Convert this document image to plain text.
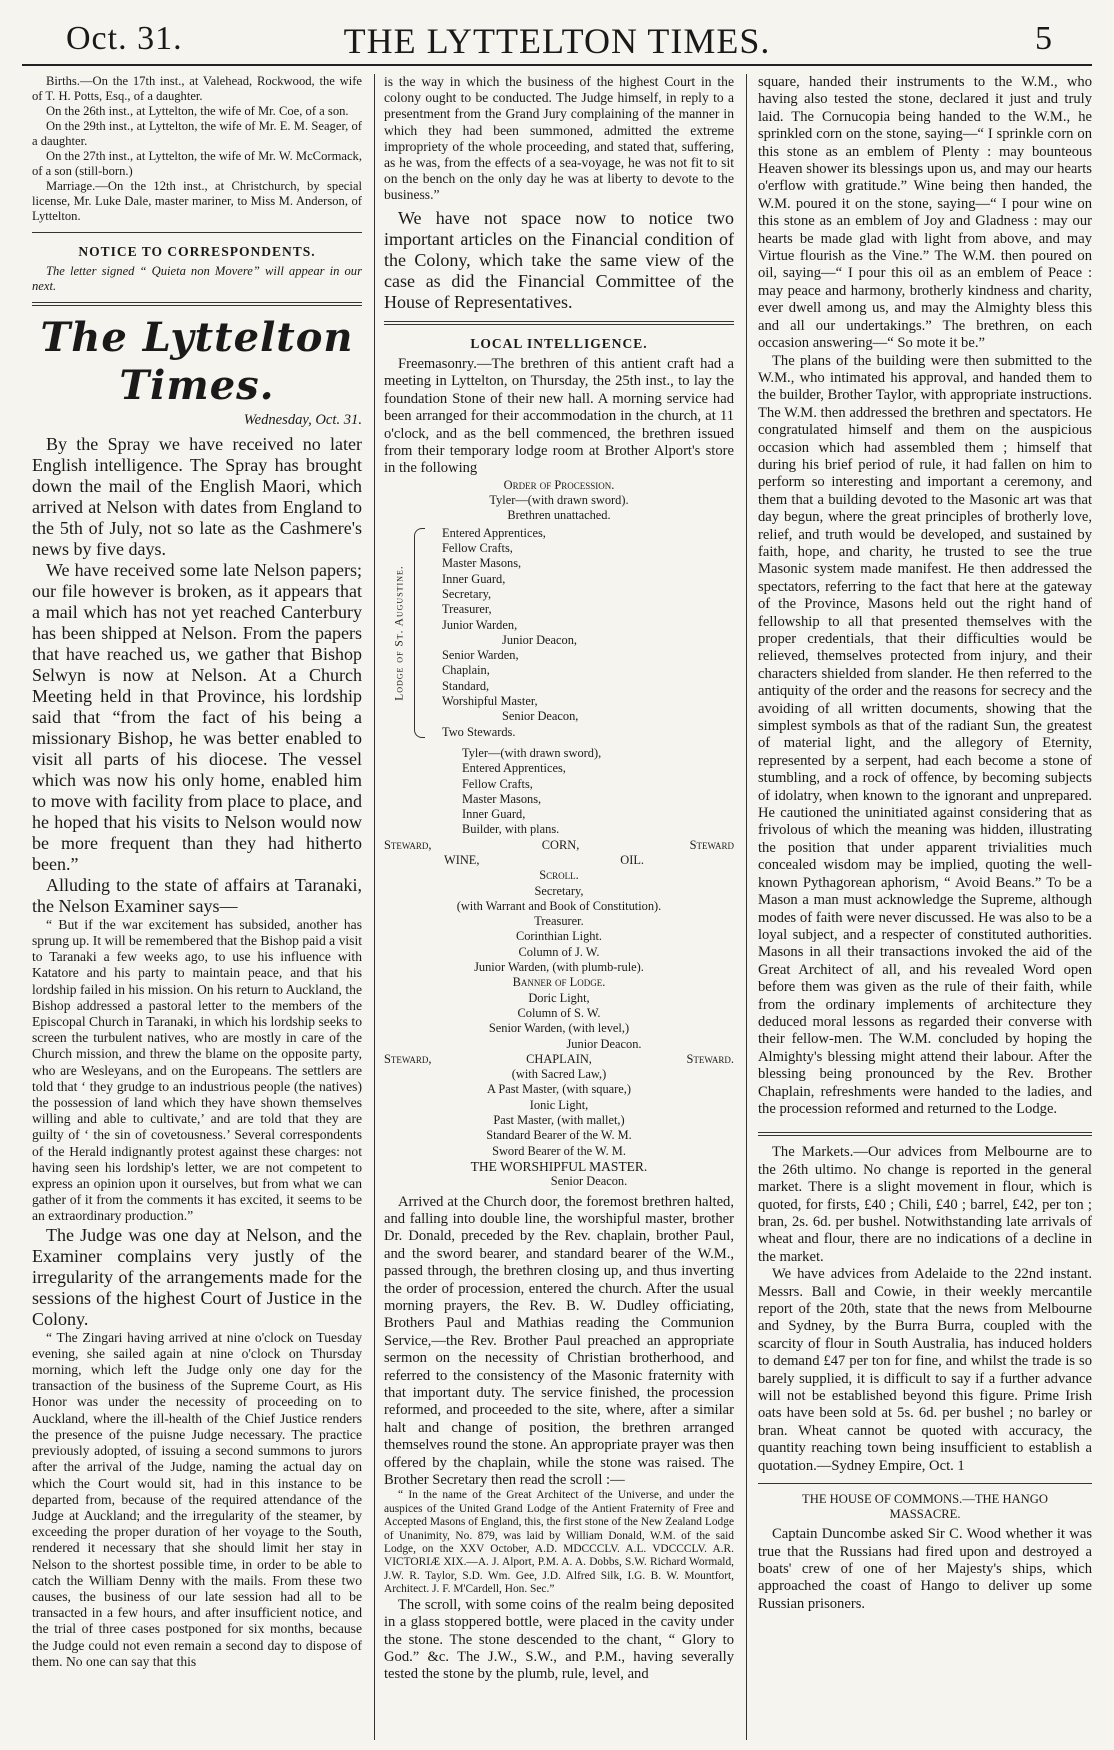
Oct. 31.	THE LYTTELTON TIMES.	5

Births.—On the 17th inst., at Valehead, Rockwood, the wife of T. H. Potts, Esq., of a daughter.

On the 26th inst., at Lyttelton, the wife of Mr. Coe, of a son.

On the 29th inst., at Lyttelton, the wife of Mr. E. M. Seager, of a daughter.

On the 27th inst., at Lyttelton, the wife of Mr. W. McCormack, of a son (still-born.)

Marriage.—On the 12th inst., at Christchurch, by special license, Mr. Luke Dale, master mariner, to Miss M. Anderson, of Lyttelton.

NOTICE TO CORRESPONDENTS.

The letter signed “ Quieta non Movere” will appear in our next.

The Lyttelton Times.

Wednesday, Oct. 31.

By the Spray we have received no later English intelligence. The Spray has brought down the mail of the English Maori, which arrived at Nelson with dates from England to the 5th of July, not so late as the Cashmere's news by five days.

We have received some late Nelson papers; our file however is broken, as it appears that a mail which has not yet reached Canterbury has been shipped at Nelson. From the papers that have reached us, we gather that Bishop Selwyn is now at Nelson. At a Church Meeting held in that Province, his lordship said that “from the fact of his being a missionary Bishop, he was better enabled to visit all parts of his diocese. The vessel which was now his only home, enabled him to move with facility from place to place, and he hoped that his visits to Nelson would now be more frequent than they had hitherto been.”

Alluding to the state of affairs at Taranaki, the Nelson Examiner says—

“ But if the war excitement has subsided, another has sprung up. It will be remembered that the Bishop paid a visit to Taranaki a few weeks ago, to use his influence with Katatore and his party to maintain peace, and that his lordship failed in his mission. On his return to Auckland, the Bishop addressed a pastoral letter to the members of the Episcopal Church in Taranaki, in which his lordship seeks to screen the turbulent natives, who are mostly in care of the Church mission, and threw the blame on the opposite party, who are Wesleyans, and on the Europeans. The settlers are told that ‘ they grudge to an industrious people (the natives) the possession of land which they have shown themselves willing and able to cultivate,’ and are told that they are guilty of ‘ the sin of covetousness.’ Several correspondents of the Herald indignantly protest against these charges: not having seen his lordship's letter, we are not competent to express an opinion upon it ourselves, but from what we can gather of it from the comments it has excited, it seems to be an extraordinary production.”

The Judge was one day at Nelson, and the Examiner complains very justly of the irregularity of the arrangements made for the sessions of the highest Court of Justice in the Colony.

“ The Zingari having arrived at nine o'clock on Tuesday evening, she sailed again at nine o'clock on Thursday morning, which left the Judge only one day for the transaction of the business of the Supreme Court, as His Honor was under the necessity of proceeding on to Auckland, where the ill-health of the Chief Justice renders the presence of the puisne Judge necessary. The practice previously adopted, of issuing a second summons to jurors after the arrival of the Judge, naming the actual day on which the Court would sit, had in this instance to be departed from, because of the required attendance of the Judge at Auckland; and the irregularity of the steamer, by exceeding the proper duration of her voyage to the South, rendered it necessary that she should limit her stay in Nelson to the shortest possible time, in order to be able to catch the William Denny with the mails. From these two causes, the business of our late session had all to be transacted in a few hours, and after insufficient notice, and the trial of three cases postponed for six months, because the Judge could not even remain a second day to dispose of them. No one can say that this

is the way in which the business of the highest Court in the colony ought to be conducted. The Judge himself, in reply to a presentment from the Grand Jury complaining of the manner in which they had been summoned, admitted the extreme impropriety of the whole proceeding, and stated that, suffering, as he was, from the effects of a sea-voyage, he was not fit to sit on the bench on the only day he was at liberty to devote to the business.”

We have not space now to notice two important articles on the Financial condition of the Colony, which take the same view of the case as did the Financial Committee of the House of Representatives.

LOCAL INTELLIGENCE.

Freemasonry.—The brethren of this antient craft had a meeting in Lyttelton, on Thursday, the 25th inst., to lay the foundation Stone of their new hall. A morning service had been arranged for their accommodation in the church, at 11 o'clock, and as the bell commenced, the brethren issued from their temporary lodge room at Brother Alport's store in the following

Order of Procession.
Tyler—(with drawn sword).
Brethren unattached.
Lodge of St. Augustine.
Entered Apprentices,
Fellow Crafts,
Master Masons,
Inner Guard,
Secretary,
Treasurer,
Junior Warden,
Junior Deacon,
Senior Warden,
Chaplain,
Standard,
Worshipful Master,
Senior Deacon,
Two Stewards.
Tyler—(with drawn sword),
Entered Apprentices,
Fellow Crafts,
Master Masons,
Inner Guard,
Builder, with plans.
Steward,	CORN,	Steward
WINE,	OIL.
Scroll.
Secretary,
(with Warrant and Book of Constitution).
Treasurer.
Corinthian Light.
Column of J. W.
Junior Warden, (with plumb-rule).
Banner of Lodge.
Doric Light,
Column of S. W.
Senior Warden, (with level,)
Junior Deacon.
Steward,	CHAPLAIN,	Steward.
(with Sacred Law,)
A Past Master, (with square,)
Ionic Light,
Past Master, (with mallet,)
Standard Bearer of the W. M.
Sword Bearer of the W. M.
THE WORSHIPFUL MASTER.
Senior Deacon.

Arrived at the Church door, the foremost brethren halted, and falling into double line, the worshipful master, brother Dr. Donald, preceded by the Rev. chaplain, brother Paul, and the sword bearer, and standard bearer of the W.M., passed through, the brethren closing up, and thus inverting the order of procession, entered the church. After the usual morning prayers, the Rev. B. W. Dudley officiating, Brothers Paul and Mathias reading the Communion Service,—the Rev. Brother Paul preached an appropriate sermon on the necessity of Christian brotherhood, and referred to the consistency of the Masonic fraternity with that important duty. The service finished, the procession reformed, and proceeded to the site, where, after a similar halt and change of position, the brethren arranged themselves round the stone. An appropriate prayer was then offered by the chaplain, while the stone was raised. The Brother Secretary then read the scroll :—

“ In the name of the Great Architect of the Universe, and under the auspices of the United Grand Lodge of the Antient Fraternity of Free and Accepted Masons of England, this, the first stone of the New Zealand Lodge of Unanimity, No. 879, was laid by William Donald, W.M. of the said Lodge, on the XXV October, A.D. MDCCCLV. A.L. VDCCCLV. A.R. VICTORIÆ XIX.—A. J. Alport, P.M. A. A. Dobbs, S.W. Richard Wormald, J.W. R. Taylor, S.D. Wm. Gee, J.D. Alfred Silk, I.G. B. W. Mountfort, Architect. J. F. M'Cardell, Hon. Sec.”

The scroll, with some coins of the realm being deposited in a glass stoppered bottle, were placed in the cavity under the stone. The stone descended to the chant, “ Glory to God.” &c. The J.W., S.W., and P.M., having severally tested the stone by the plumb, rule, level, and

square, handed their instruments to the W.M., who having also tested the stone, declared it just and truly laid. The Cornucopia being handed to the W.M., he sprinkled corn on the stone, saying—“ I sprinkle corn on this stone as an emblem of Plenty : may bounteous Heaven shower its blessings upon us, and may our hearts o'erflow with gratitude.” Wine being then handed, the W.M. poured it on the stone, saying—“ I pour wine on this stone as an emblem of Joy and Gladness : may our hearts be made glad with light from above, and may Virtue flourish as the Vine.” The W.M. then poured on oil, saying—“ I pour this oil as an emblem of Peace : may peace and harmony, brotherly kindness and charity, ever dwell among us, and may the Almighty bless this and all our undertakings.” The brethren, on each occasion answering—“ So mote it be.”

The plans of the building were then submitted to the W.M., who intimated his approval, and handed them to the builder, Brother Taylor, with appropriate instructions. The W.M. then addressed the brethren and spectators. He congratulated himself and them on the auspicious occasion which had assembled them ; himself that during his brief period of rule, it had fallen on him to perform so interesting and important a ceremony, and them that a building devoted to the Masonic art was that day begun, where the great principles of brotherly love, relief, and truth would be developed, and sustained by faith, hope, and charity, he trusted to see the true Masonic system made manifest. He then addressed the spectators, referring to the fact that here at the gateway of the Province, Masons held out the right hand of fellowship to all that presented themselves with the proper credentials, that their difficulties would be relieved, themselves protected from injury, and their characters shielded from slander. He then referred to the antiquity of the order and the reasons for secrecy and the avoiding of all written documents, showing that the simplest symbols as that of the radiant Sun, the greatest of material light, and the allegory of Eternity, represented by a serpent, had each become a stone of stumbling, and a rock of offence, by becoming subjects of idolatry, when known to the ignorant and unprepared. He cautioned the uninitiated against considering that as frivolous of which the meaning was hidden, illustrating the position that under apparent trivialities much concealed wisdom may be implied, quoting the well-known Pythagorean aphorism, “ Avoid Beans.” To be a Mason a man must acknowledge the Supreme, although modes of faith were never discussed. He was also to be a loyal subject, and a respecter of constituted authorities. Masons in all their transactions invoked the aid of the Great Architect of all, and his revealed Word open before them was given as the rule of their faith, while from the ordinary implements of architecture they deduced moral lessons as regarded their converse with their fellow-men. The W.M. concluded by hoping the Almighty's blessing might attend their labour. After the blessing being pronounced by the Rev. Brother Chaplain, refreshments were handed to the ladies, and the procession reformed and returned to the Lodge.

The Markets.—Our advices from Melbourne are to the 26th ultimo. No change is reported in the general market. There is a slight movement in flour, which is quoted, for firsts, £40 ; Chili, £40 ; barrel, £42, per ton ; bran, 2s. 6d. per bushel. Notwithstanding late arrivals of wheat and flour, there are no indications of a decline in the market.

We have advices from Adelaide to the 22nd instant. Messrs. Ball and Cowie, in their weekly mercantile report of the 20th, state that the news from Melbourne and Sydney, by the Burra Burra, coupled with the scarcity of flour in South Australia, has induced holders to demand £47 per ton for fine, and whilst the trade is so barely supplied, it is difficult to say if a further advance will not be established beyond this figure. Prime Irish oats have been sold at 5s. 6d. per bushel ; no barley or bran. Wheat cannot be quoted with accuracy, the quantity reaching town being insufficient to establish a quotation.—Sydney Empire, Oct. 1

THE HOUSE OF COMMONS.—THE HANGO MASSACRE.

Captain Duncombe asked Sir C. Wood whether it was true that the Russians had fired upon and destroyed a boats' crew of one of her Majesty's ships, which approached the coast of Hango to deliver up some Russian prisoners.
